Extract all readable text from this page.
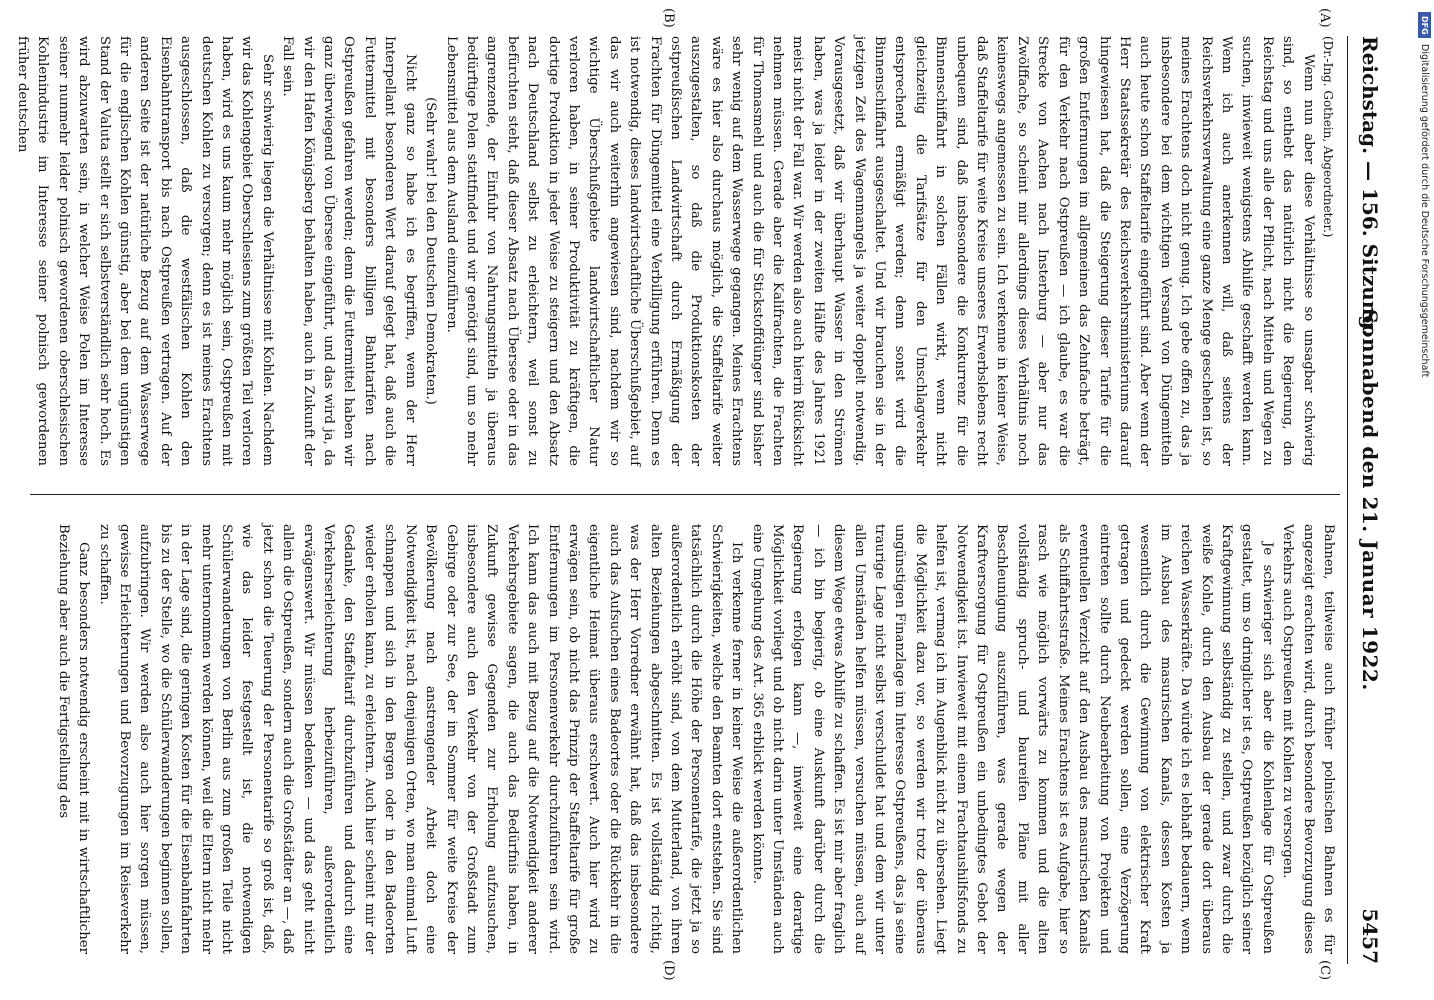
Reichstag. — 156. Sitzung.
Sonnabend den 21. Januar 1922.
5457
(A)
(B)
(C)
(D)

(Dr.-Ing. Gothein, Abgeordneter.)

Wenn nun aber diese Verhältnisse so unsagbar schwierig sind, so enthebt das natürlich nicht die Regierung, den Reichstag und uns alle der Pflicht, nach Mitteln und Wegen zu suchen, inwieweit wenigstens Abhilfe geschafft werden kann. Wenn ich auch anerkennen will, daß seitens der Reichsverkehrsverwaltung eine ganze Menge geschehen ist, so meines Erachtens doch nicht genug. Ich gebe offen zu, das ja insbesondere bei dem wichtigen Versand von Düngemitteln auch heute schon Staffeltarife eingeführt sind. Aber wenn der Herr Staatssekretär des Reichsverkehrsministeriums darauf hingewiesen hat, daß die Steigerung dieser Tarife für die großen Entfernungen im allgemeinen das Zehnfache beträgt, für den Verkehr nach Ostpreußen — ich glaube, es war die Strecke von Aachen nach Insterburg — aber nur das Zwölffache, so scheint mir allerdings dieses Verhältnis noch keineswegs angemessen zu sein. Ich verkenne in keiner Weise, daß Staffeltarife für weite Kreise unseres Erwerbslebens recht unbequem sind, daß insbesondere die Konkurrenz für die Binnenschiffahrt in solchen Fällen wirkt, wenn nicht gleichzeitig die Tarifsätze für den Umschlagverkehr entsprechend ermäßigt werden; denn sonst wird die Binnenschiffahrt ausgeschaltet. Und wir brauchen sie in der jetzigen Zeit des Wagenmangels ja weiter doppelt notwendig. Vorausgesetzt, daß wir überhaupt Wasser in den Strömen haben, was ja leider in der zweiten Hälfte des Jahres 1921 meist nicht der Fall war. Wir werden also auch hierin Rücksicht nehmen müssen. Gerade aber die Kalifrachten, die Frachten für Thomasmehl und auch die für Stickstoffdünger sind bisher sehr wenig auf dem Wasserwege gegangen. Meines Erachtens wäre es hier also durchaus möglich, die Staffeltarife weiter auszugestalten, so daß die Produktionskosten der ostpreußischen Landwirtschaft durch Ermäßigung der Frachten für Düngemittel eine Verbilligung erführen. Denn es ist notwendig, dieses landwirtschaftliche Überschußgebiet, auf das wir auch weiterhin angewiesen sind, nachdem wir so wichtige Überschußgebiete landwirtschaftlicher Natur verloren haben, in seiner Produktivität zu kräftigen, die dortige Produktion in jeder Weise zu steigern und den Absatz nach Deutschland selbst zu erleichtern, weil sonst zu befürchten steht, daß dieser Absatz nach Übersee oder in das angrenzende, der Einfuhr von Nahrungsmitteln ja überaus bedürftige Polen stattfindet und wir genötigt sind, um so mehr Lebensmittel aus dem Ausland einzuführen.

(Sehr wahr! bei den Deutschen Demokraten.)

Nicht ganz so habe ich es begriffen, wenn der Herr Interpellant besonderen Wert darauf gelegt hat, daß auch die Futtermittel mit besonders billigen Bahntarifen nach Ostpreußen gefahren werden; denn die Futtermittel haben wir ganz überwiegend von Übersee eingeführt, und das wird ja, da wir den Hafen Königsberg behalten haben, auch in Zukunft der Fall sein.

Sehr schwierig liegen die Verhältnisse mit Kohlen. Nachdem wir das Kohlengebiet Oberschlesiens zum größten Teil verloren haben, wird es uns kaum mehr möglich sein, Ostpreußen mit deutschen Kohlen zu versorgen; denn es ist meines Erachtens ausgeschlossen, daß die westfälischen Kohlen den Eisenbahntransport bis nach Ostpreußen vertragen. Auf der anderen Seite ist der natürliche Bezug auf dem Wasserwege für die englischen Kohlen günstig, aber bei dem ungünstigen Stand der Valuta stellt er sich selbstverständlich sehr hoch. Es wird abzuwarten sein, in welcher Weise Polen im Interesse seiner nunmehr leider polnisch gewordenen oberschlesischen Kohlenindustrie im Interesse seiner polnisch gewordenen früher deutschen

Bahnen, teilweise auch früher polnischen Bahnen es für angezeigt erachten wird, durch besondere Bevorzugung dieses Verkehrs auch Ostpreußen mit Kohlen zu versorgen.

Je schwieriger sich aber die Kohlenlage für Ostpreußen gestaltet, um so dringlicher ist es, Ostpreußen bezüglich seiner Kraftgewinnung selbständig zu stellen, und zwar durch die weiße Kohle, durch den Ausbau der gerade dort überaus reichen Wasserkräfte. Da würde ich es lebhaft bedauern, wenn im Ausbau des masurischen Kanals, dessen Kosten ja wesentlich durch die Gewinnung von elektrischer Kraft getragen und gedeckt werden sollen, eine Verzögerung eintreten sollte durch Neubearbeitung von Projekten und eventuellen Verzicht auf den Ausbau des masurischen Kanals als Schiffahrtsstraße. Meines Erachtens ist es Aufgabe, hier so rasch wie möglich vorwärts zu kommen und die alten vollständig spruch- und baureifen Pläne mit aller Beschleunigung auszuführen, was gerade wegen der Kraftversorgung für Ostpreußen ein unbedingtes Gebot der Notwendigkeit ist. Inwieweit mit einem Frachtaushilfsfonds zu helfen ist, vermag ich im Augenblick nicht zu übersehen. Liegt die Möglichkeit dazu vor, so werden wir trotz der überaus ungünstigen Finanzlage im Interesse Ostpreußens, das ja seine traurige Lage nicht selbst verschuldet hat und dem wir unter allen Umständen helfen müssen, versuchen müssen, auch auf diesem Wege etwas Abhilfe zu schaffen. Es ist mir aber fraglich — ich bin begierig, ob eine Auskunft darüber durch die Regierung erfolgen kann —, inwieweit eine derartige Möglichkeit vorliegt und ob nicht darin unter Umständen auch eine Umgehung des Art. 365 erblickt werden könnte.

Ich verkenne ferner in keiner Weise die außerordentlichen Schwierigkeiten, welche den Beamten dort entstehen. Sie sind tatsächlich durch die Höhe der Personentarife, die jetzt ja so außerordentlich erhöht sind, von dem Mutterland, von ihren alten Beziehungen abgeschnitten. Es ist vollständig richtig, was der Herr Vorredner erwähnt hat, daß das insbesondere auch das Aufsuchen eines Badeortes oder die Rückkehr in die eigentliche Heimat überaus erschwert. Auch hier wird zu erwägen sein, ob nicht das Prinzip der Staffeltarife für große Entfernungen im Personenverkehr durchzuführen sein wird. Ich kann das auch mit Bezug auf die Notwendigkeit anderer Verkehrsgebiete sagen, die auch das Bedürfnis haben, in Zukunft gewisse Gegenden zur Erholung aufzusuchen, insbesondere auch den Verkehr von der Großstadt zum Gebirge oder zur See, der im Sommer für weite Kreise der Bevölkerung nach anstrengender Arbeit doch eine Notwendigkeit ist, nach denjenigen Orten, wo man einmal Luft schnappen und sich in den Bergen oder in den Badeorten wieder erholen kann, zu erleichtern. Auch hier scheint mir der Gedanke, den Staffeltarif durchzuführen und dadurch eine Verkehrserleichterung herbeizuführen, außerordentlich erwägenswert. Wir müssen bedenken — und das geht nicht allein die Ostpreußen, sondern auch die Großstädter an —, daß jetzt schon die Teuerung der Personentarife so groß ist, daß, wie das leider festgestellt ist, die notwendigen Schülerwanderungen von Berlin aus zum großen Teile nicht mehr unternommen werden können, weil die Eltern nicht mehr in der Lage sind, die geringen Kosten für die Eisenbahnfahrten bis zu der Stelle, wo die Schülerwanderungen beginnen sollen, aufzubringen. Wir werden also auch hier sorgen müssen, gewisse Erleichterungen und Bevorzugungen im Reiseverkehr zu schaffen.

Ganz besonders notwendig erscheint mit in wirtschaftlicher Beziehung aber auch die Fertigstellung des

DFG
Digitalisierung gefördert durch die Deutsche Forschungsgemeinschaft
